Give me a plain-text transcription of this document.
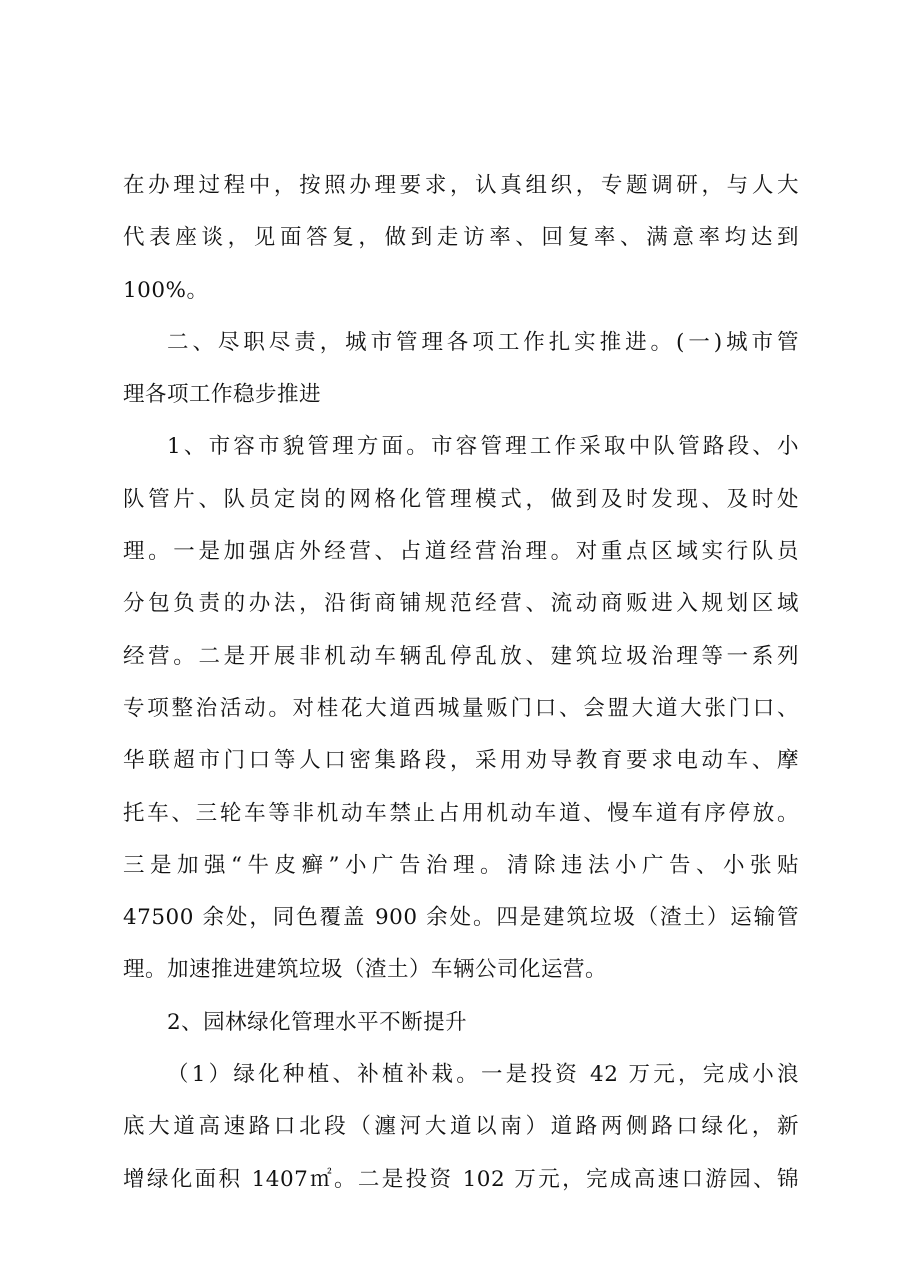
在办理过程中，按照办理要求，认真组织，专题调研，与人大
代表座谈，见面答复，做到走访率、回复率、满意率均达到
100%。
二、尽职尽责，城市管理各项工作扎实推进。(一)城市管
理各项工作稳步推进
1、市容市貌管理方面。市容管理工作采取中队管路段、小
队管片、队员定岗的网格化管理模式，做到及时发现、及时处
理。一是加强店外经营、占道经营治理。对重点区域实行队员
分包负责的办法，沿街商铺规范经营、流动商贩进入规划区域
经营。二是开展非机动车辆乱停乱放、建筑垃圾治理等一系列
专项整治活动。对桂花大道西城量贩门口、会盟大道大张门口、
华联超市门口等人口密集路段，采用劝导教育要求电动车、摩
托车、三轮车等非机动车禁止占用机动车道、慢车道有序停放。
三是加强“牛皮癣”小广告治理。清除违法小广告、小张贴
47500 余处，同色覆盖 900 余处。四是建筑垃圾（渣土）运输管
理。加速推进建筑垃圾（渣土）车辆公司化运营。
2、园林绿化管理水平不断提升
（1）绿化种植、补植补栽。一是投资 42 万元，完成小浪
底大道高速路口北段（瀍河大道以南）道路两侧路口绿化，新
增绿化面积 1407㎡。二是投资 102 万元，完成高速口游园、锦
